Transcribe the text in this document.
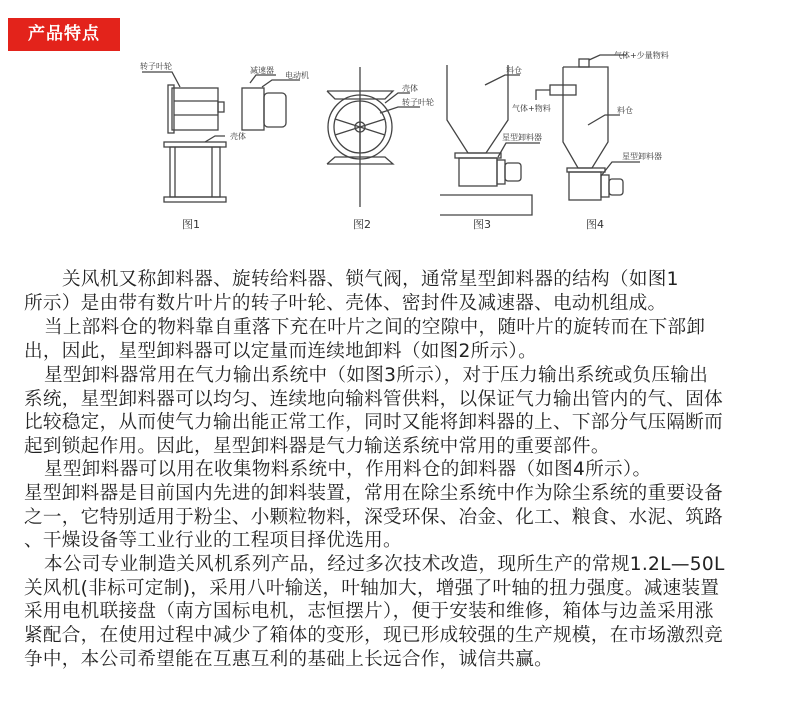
产品特点
转子叶轮	减速器
电动机
壳体
图1
壳体
转子叶轮
图2
料仓
星型卸料器
图3
气体+少量物料
气体+物料	料仓
星型卸料器
图4
关风机又称卸料器、旋转给料器、锁气阀，通常星型卸料器的结构（如图1
所示）是由带有数片叶片的转子叶轮、壳体、密封件及减速器、电动机组成。
当上部料仓的物料靠自重落下充在叶片之间的空隙中，随叶片的旋转而在下部卸
出，因此，星型卸料器可以定量而连续地卸料（如图2所示）。
星型卸料器常用在气力输出系统中（如图3所示），对于压力输出系统或负压输出
系统，星型卸料器可以均匀、连续地向输料管供料，以保证气力输出管内的气、固体
比较稳定，从而使气力输出能正常工作，同时又能将卸料器的上、下部分气压隔断而
起到锁起作用。因此，星型卸料器是气力输送系统中常用的重要部件。
星型卸料器可以用在收集物料系统中，作用料仓的卸料器（如图4所示）。
星型卸料器是目前国内先进的卸料装置，常用在除尘系统中作为除尘系统的重要设备
之一，它特别适用于粉尘、小颗粒物料，深受环保、冶金、化工、粮食、水泥、筑路
、干燥设备等工业行业的工程项目择优选用。
本公司专业制造关风机系列产品，经过多次技术改造，现所生产的常规1.2L—50L
关风机(非标可定制)，采用八叶输送，叶轴加大，增强了叶轴的扭力强度。减速装置
采用电机联接盘（南方国标电机，志恒摆片），便于安装和维修，箱体与边盖采用涨
紧配合，在使用过程中减少了箱体的变形，现已形成较强的生产规模，在市场激烈竞
争中，本公司希望能在互惠互利的基础上长远合作，诚信共赢。
